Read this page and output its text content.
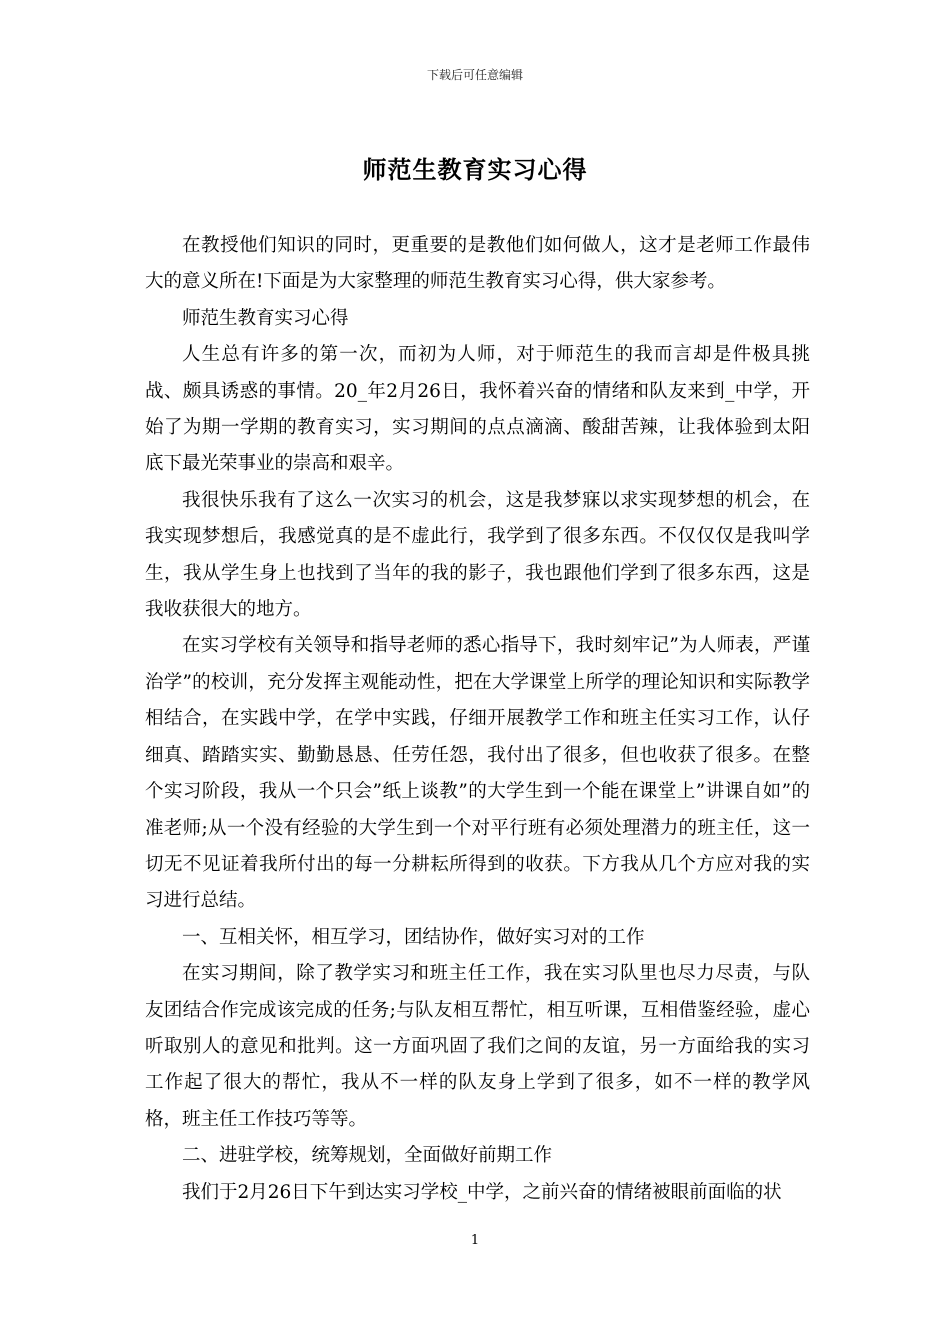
下载后可任意编辑
师范生教育实习心得

在教授他们知识的同时，更重要的是教他们如何做人，这才是老师工作最伟大的意义所在!下面是为大家整理的师范生教育实习心得，供大家参考。

师范生教育实习心得

人生总有许多的第一次，而初为人师，对于师范生的我而言却是件极具挑战、颇具诱惑的事情。20_年2月26日，我怀着兴奋的情绪和队友来到_中学，开始了为期一学期的教育实习，实习期间的点点滴滴、酸甜苦辣，让我体验到太阳底下最光荣事业的崇高和艰辛。

我很快乐我有了这么一次实习的机会，这是我梦寐以求实现梦想的机会，在我实现梦想后，我感觉真的是不虚此行，我学到了很多东西。不仅仅仅是我叫学生，我从学生身上也找到了当年的我的影子，我也跟他们学到了很多东西，这是我收获很大的地方。

在实习学校有关领导和指导老师的悉心指导下，我时刻牢记”为人师表，严谨治学”的校训，充分发挥主观能动性，把在大学课堂上所学的理论知识和实际教学相结合，在实践中学，在学中实践，仔细开展教学工作和班主任实习工作，认仔细真、踏踏实实、勤勤恳恳、任劳任怨，我付出了很多，但也收获了很多。在整个实习阶段，我从一个只会”纸上谈教”的大学生到一个能在课堂上”讲课自如”的准老师;从一个没有经验的大学生到一个对平行班有必须处理潜力的班主任，这一切无不见证着我所付出的每一分耕耘所得到的收获。下方我从几个方应对我的实习进行总结。

一、互相关怀，相互学习，团结协作，做好实习对的工作

在实习期间，除了教学实习和班主任工作，我在实习队里也尽力尽责，与队友团结合作完成该完成的任务;与队友相互帮忙，相互听课，互相借鉴经验，虚心听取别人的意见和批判。这一方面巩固了我们之间的友谊，另一方面给我的实习工作起了很大的帮忙，我从不一样的队友身上学到了很多，如不一样的教学风格，班主任工作技巧等等。

二、进驻学校，统筹规划，全面做好前期工作

我们于2月26日下午到达实习学校_中学，之前兴奋的情绪被眼前面临的状

1
